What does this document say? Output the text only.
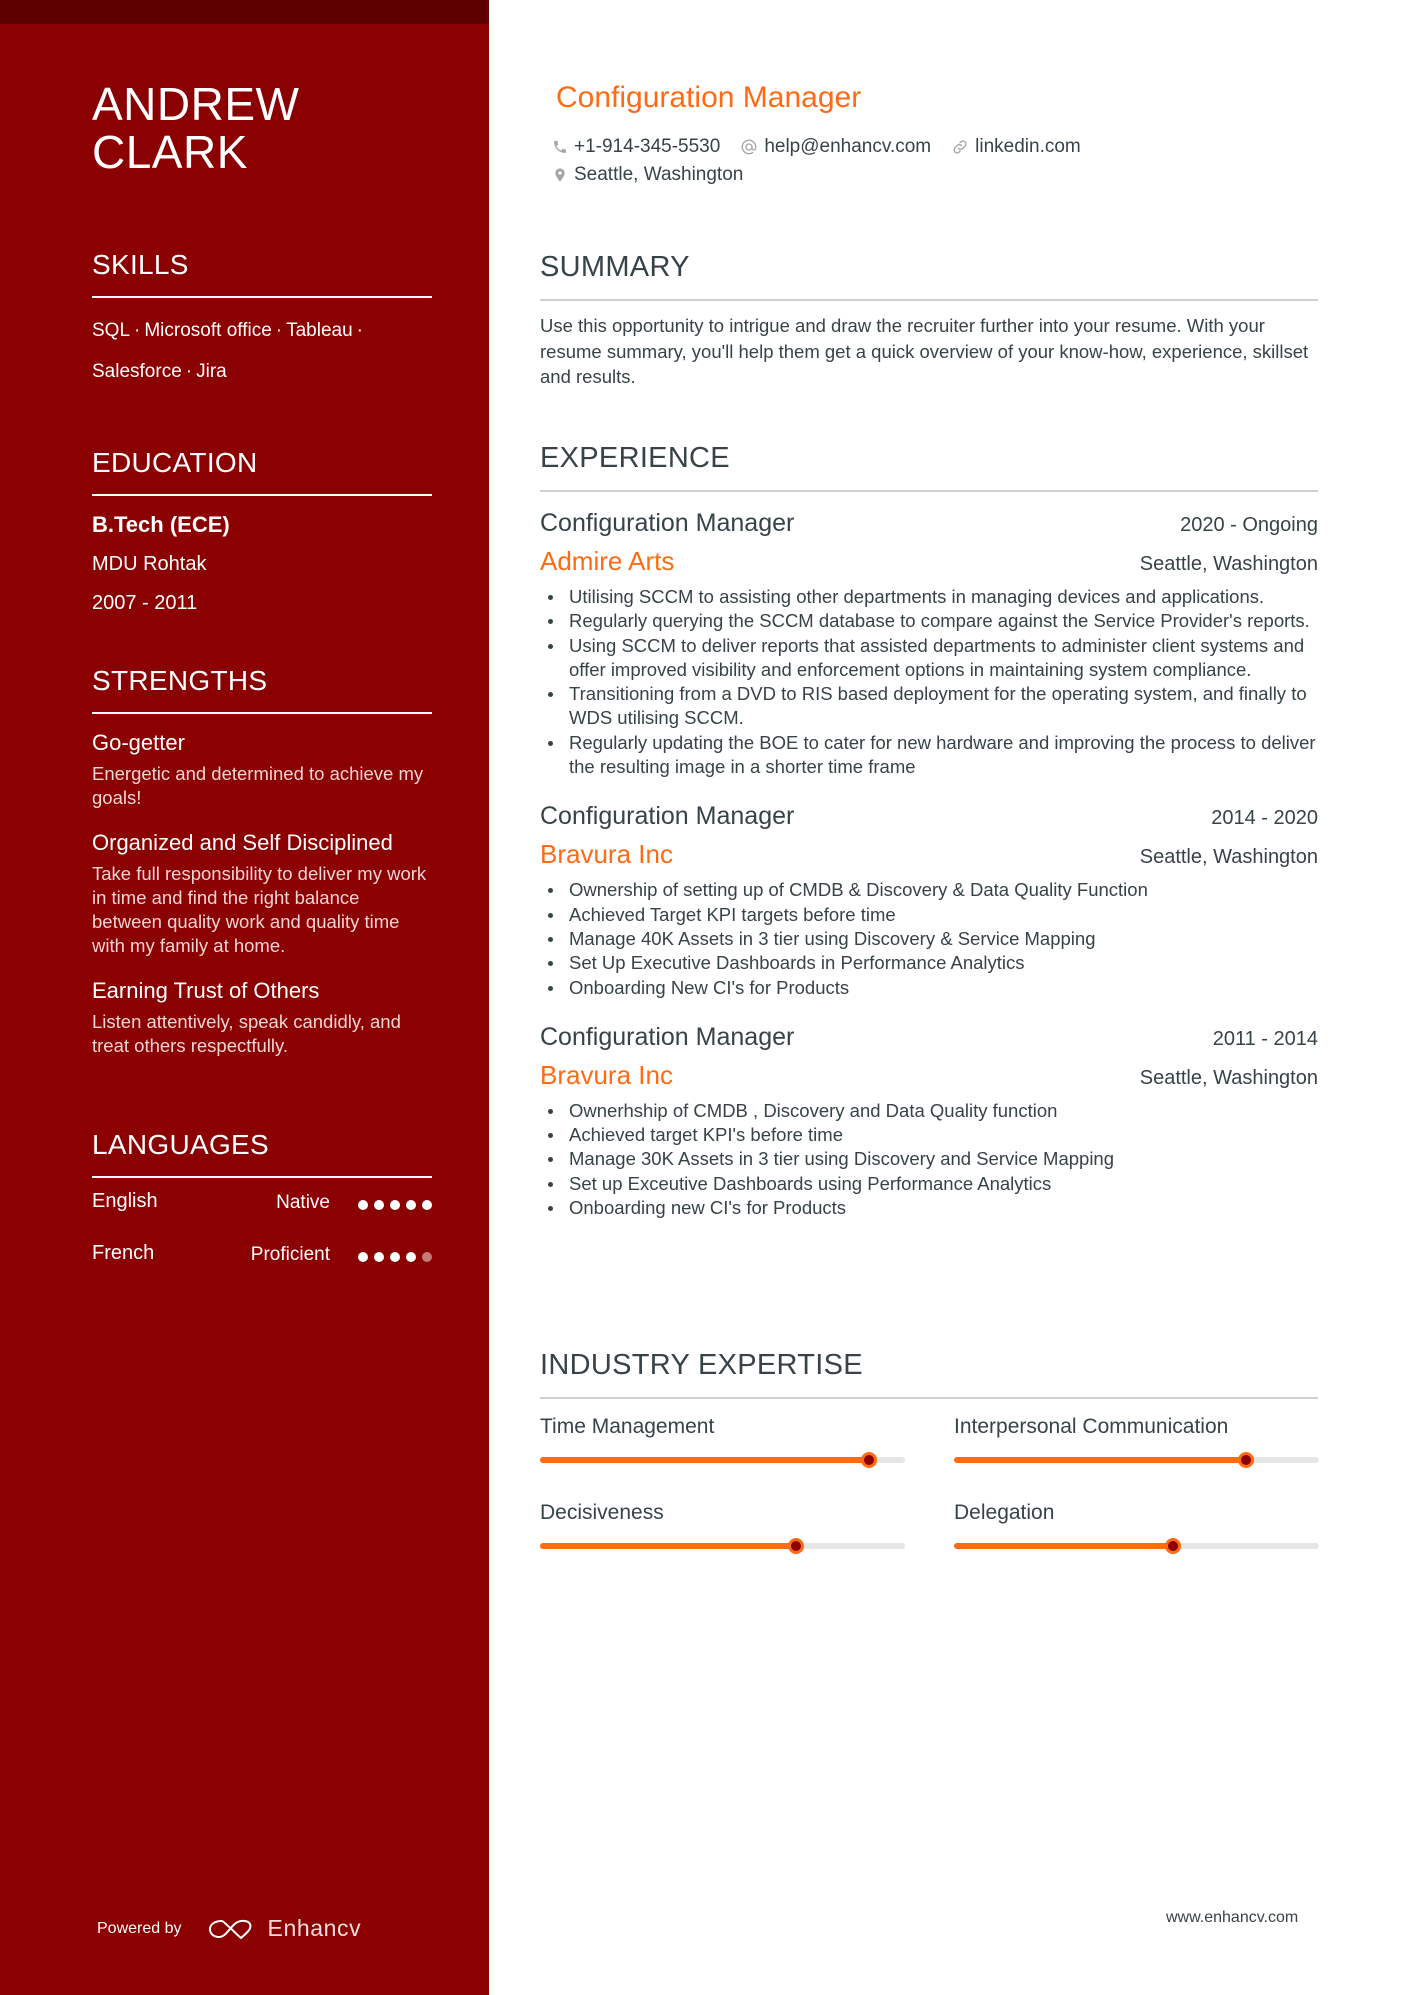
ANDREW
CLARK
SKILLS
SQL · Microsoft office · Tableau ·
Salesforce · Jira
EDUCATION
B.Tech (ECE)
MDU Rohtak
2007 - 2011
STRENGTHS
Go-getter
Energetic and determined to achieve my goals!
Organized and Self Disciplined
Take full responsibility to deliver my work in time and find the right balance between quality work and quality time with my family at home.
Earning Trust of Others
Listen attentively, speak candidly, and treat others respectfully.
LANGUAGES
English	Native
French	Proficient
Powered by	Enhancv
Configuration Manager
+1-914-345-5530 help@enhancv.com linkedin.com
Seattle, Washington
SUMMARY

Use this opportunity to intrigue and draw the recruiter further into your resume. With your resume summary, you'll help them get a quick overview of your know-how, experience, skillset and results.

EXPERIENCE
Configuration Manager	2020 - Ongoing
Admire Arts	Seattle, Washington
Utilising SCCM to assisting other departments in managing devices and applications.
Regularly querying the SCCM database to compare against the Service Provider's reports.
Using SCCM to deliver reports that assisted departments to administer client systems and offer improved visibility and enforcement options in maintaining system compliance.
Transitioning from a DVD to RIS based deployment for the operating system, and finally to WDS utilising SCCM.
Regularly updating the BOE to cater for new hardware and improving the process to deliver the resulting image in a shorter time frame
Configuration Manager	2014 - 2020
Bravura Inc	Seattle, Washington
Ownership of setting up of CMDB & Discovery & Data Quality Function
Achieved Target KPI targets before time
Manage 40K Assets in 3 tier using Discovery & Service Mapping
Set Up Executive Dashboards in Performance Analytics
Onboarding New CI's for Products
Configuration Manager	2011 - 2014
Bravura Inc	Seattle, Washington
Ownerhship of CMDB , Discovery and Data Quality function
Achieved target KPI's before time
Manage 30K Assets in 3 tier using Discovery and Service Mapping
Set up Exceutive Dashboards using Performance Analytics
Onboarding new CI's for Products
INDUSTRY EXPERTISE
Time Management	Interpersonal Communication
Decisiveness	Delegation
www.enhancv.com
